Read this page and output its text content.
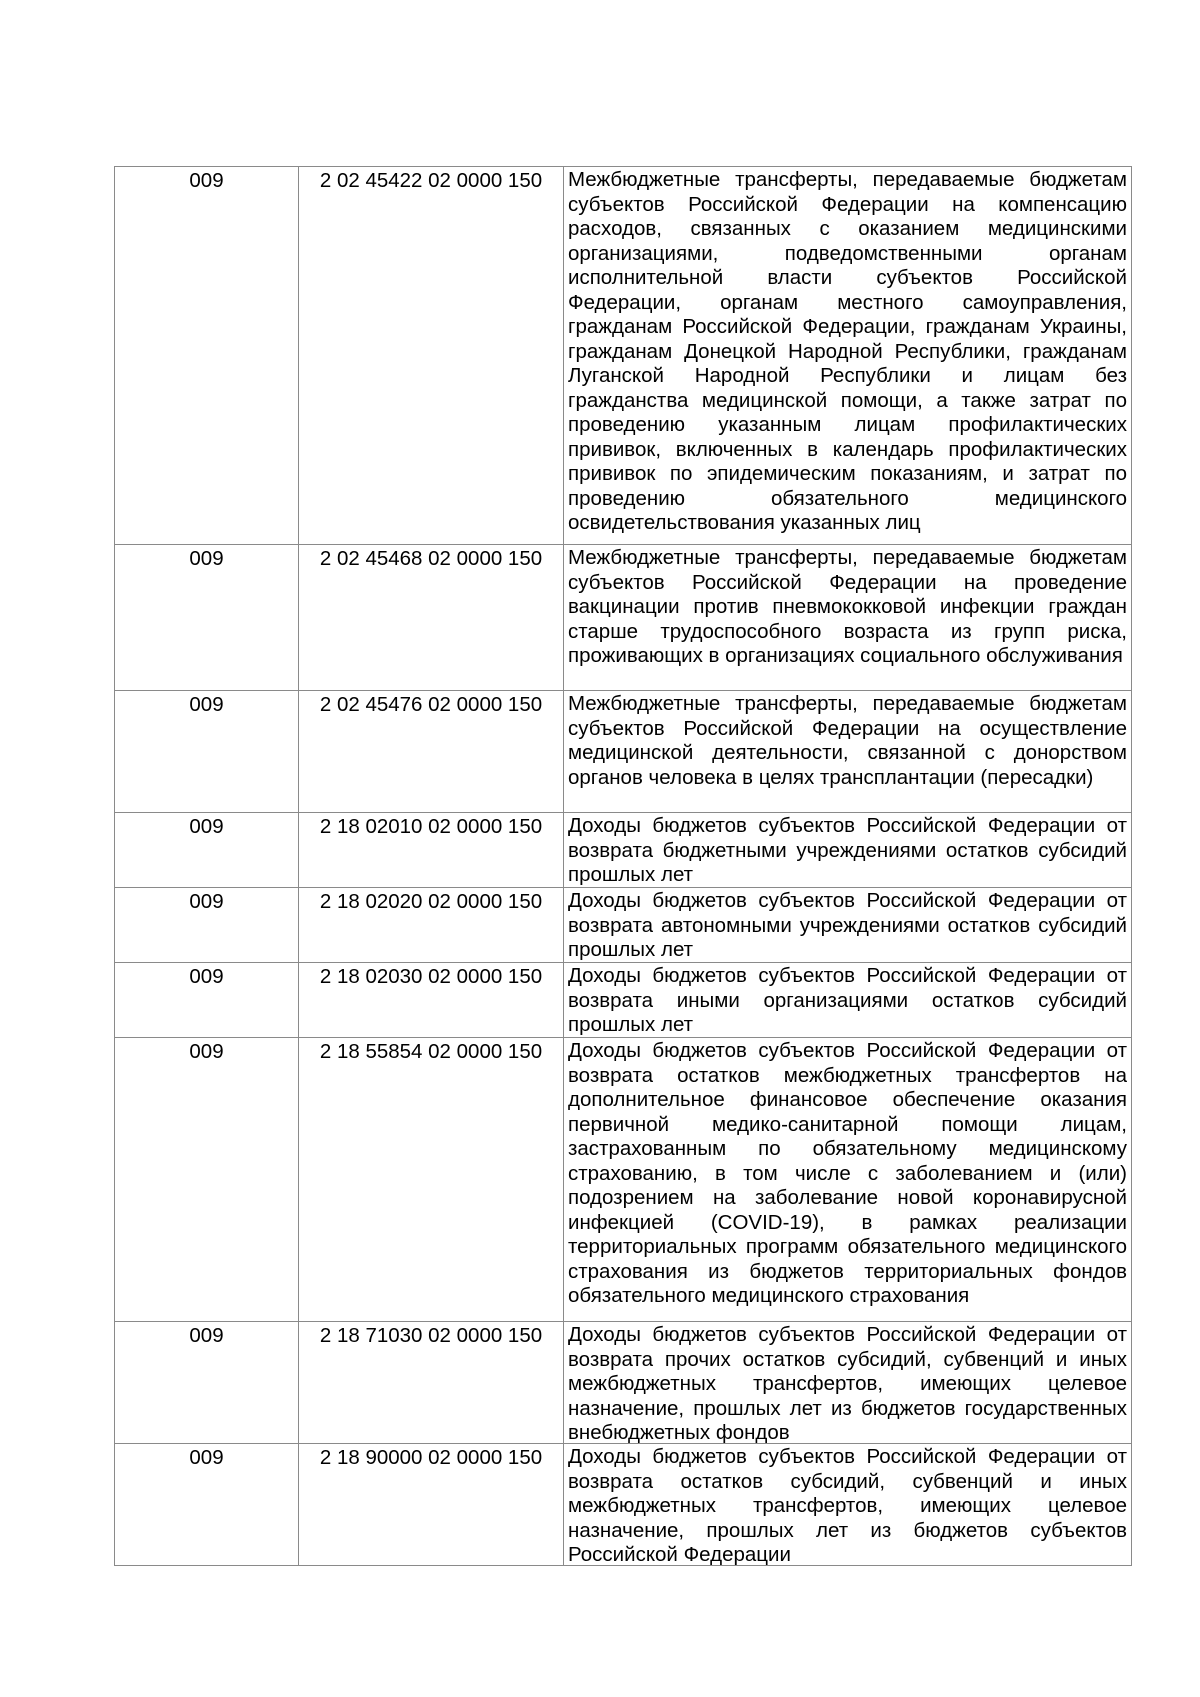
009	2 02 45422 02 0000 150	Межбюджетные трансферты, передаваемые бюджетам субъектов Российской Федерации на компенсацию расходов, связанных с оказанием медицинскими организациями, подведомственными органам исполнительной власти субъектов Российской Федерации, органам местного самоуправления, гражданам Российской Федерации, гражданам Украины, гражданам Донецкой Народной Республики, гражданам Луганской Народной Республики и лицам без гражданства медицинской помощи, а также затрат по проведению указанным лицам профилактических прививок, включенных в календарь профилактических прививок по эпидемическим показаниям, и затрат по проведению обязательного медицинского освидетельствования указанных лиц

009	2 02 45468 02 0000 150	Межбюджетные трансферты, передаваемые бюджетам субъектов Российской Федерации на проведение вакцинации против пневмококковой инфекции граждан старше трудоспособного возраста из групп риска, проживающих в организациях социального обслуживания

009	2 02 45476 02 0000 150	Межбюджетные трансферты, передаваемые бюджетам субъектов Российской Федерации на осуществление медицинской деятельности, связанной с донорством органов человека в целях трансплантации (пересадки)

009	2 18 02010 02 0000 150	Доходы бюджетов субъектов Российской Федерации от возврата бюджетными учреждениями остатков субсидий прошлых лет

009	2 18 02020 02 0000 150	Доходы бюджетов субъектов Российской Федерации от возврата автономными учреждениями остатков субсидий прошлых лет

009	2 18 02030 02 0000 150	Доходы бюджетов субъектов Российской Федерации от возврата иными организациями остатков субсидий прошлых лет

009	2 18 55854 02 0000 150	Доходы бюджетов субъектов Российской Федерации от возврата остатков межбюджетных трансфертов на дополнительное финансовое обеспечение оказания первичной медико-санитарной помощи лицам, застрахованным по обязательному медицинскому страхованию, в том числе с заболеванием и (или) подозрением на заболевание новой коронавирусной инфекцией (COVID-19), в рамках реализации территориальных программ обязательного медицинского страхования из бюджетов территориальных фондов обязательного медицинского страхования

009	2 18 71030 02 0000 150	Доходы бюджетов субъектов Российской Федерации от возврата прочих остатков субсидий, субвенций и иных межбюджетных трансфертов, имеющих целевое назначение, прошлых лет из бюджетов государственных внебюджетных фондов

009	2 18 90000 02 0000 150	Доходы бюджетов субъектов Российской Федерации от возврата остатков субсидий, субвенций и иных межбюджетных трансфертов, имеющих целевое назначение, прошлых лет из бюджетов субъектов Российской Федерации
